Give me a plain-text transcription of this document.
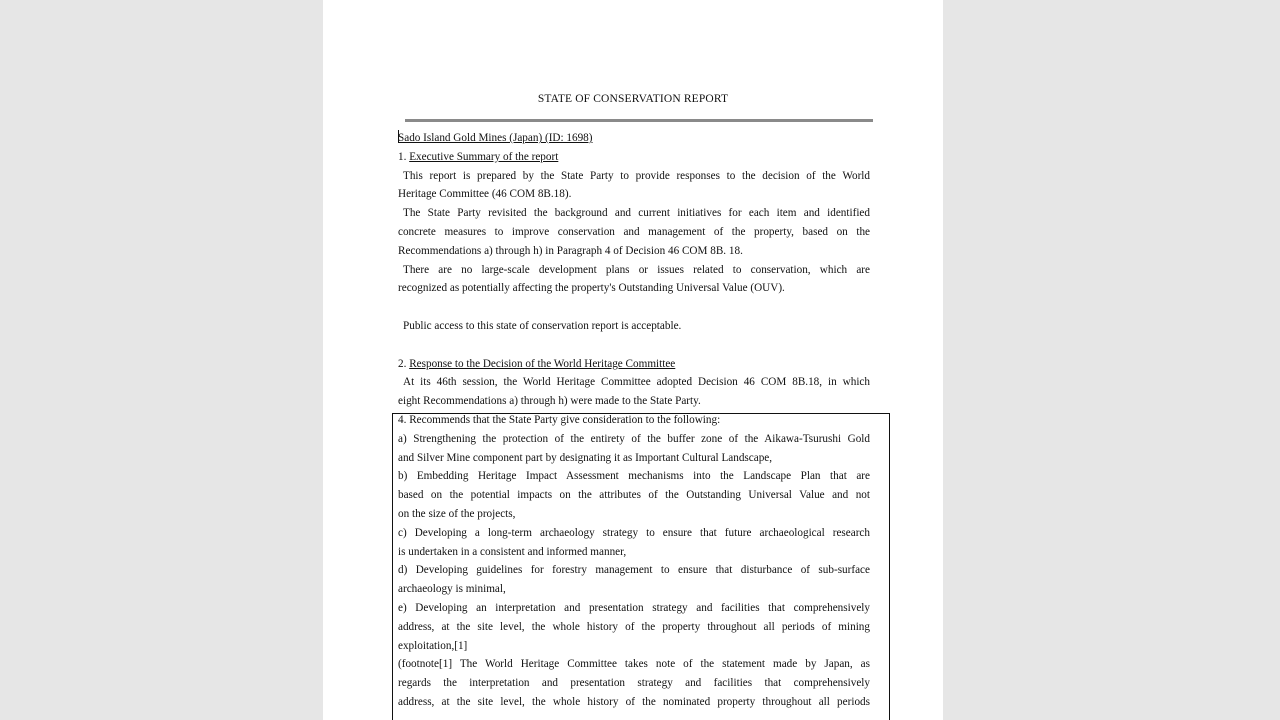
STATE OF CONSERVATION REPORT
Sado Island Gold Mines (Japan) (ID: 1698)
1. Executive Summary of the report
This report is prepared by the State Party to provide responses to the decision of the World
Heritage Committee (46 COM 8B.18).
The State Party revisited the background and current initiatives for each item and identified
concrete measures to improve conservation and management of the property, based on the
Recommendations a) through h) in Paragraph 4 of Decision 46 COM 8B. 18.
There are no large-scale development plans or issues related to conservation, which are
recognized as potentially affecting the property's Outstanding Universal Value (OUV).
Public access to this state of conservation report is acceptable.
2. Response to the Decision of the World Heritage Committee
At its 46th session, the World Heritage Committee adopted Decision 46 COM 8B.18, in which
eight Recommendations a) through h) were made to the State Party.
4. Recommends that the State Party give consideration to the following:
a) Strengthening the protection of the entirety of the buffer zone of the Aikawa-Tsurushi Gold
and Silver Mine component part by designating it as Important Cultural Landscape,
b) Embedding Heritage Impact Assessment mechanisms into the Landscape Plan that are
based on the potential impacts on the attributes of the Outstanding Universal Value and not
on the size of the projects,
c) Developing a long-term archaeology strategy to ensure that future archaeological research
is undertaken in a consistent and informed manner,
d) Developing guidelines for forestry management to ensure that disturbance of sub-surface
archaeology is minimal,
e) Developing an interpretation and presentation strategy and facilities that comprehensively
address, at the site level, the whole history of the property throughout all periods of mining
exploitation,[1]
(footnote[1] The World Heritage Committee takes note of the statement made by Japan, as
regards the interpretation and presentation strategy and facilities that comprehensively
address, at the site level, the whole history of the nominated property throughout all periods
